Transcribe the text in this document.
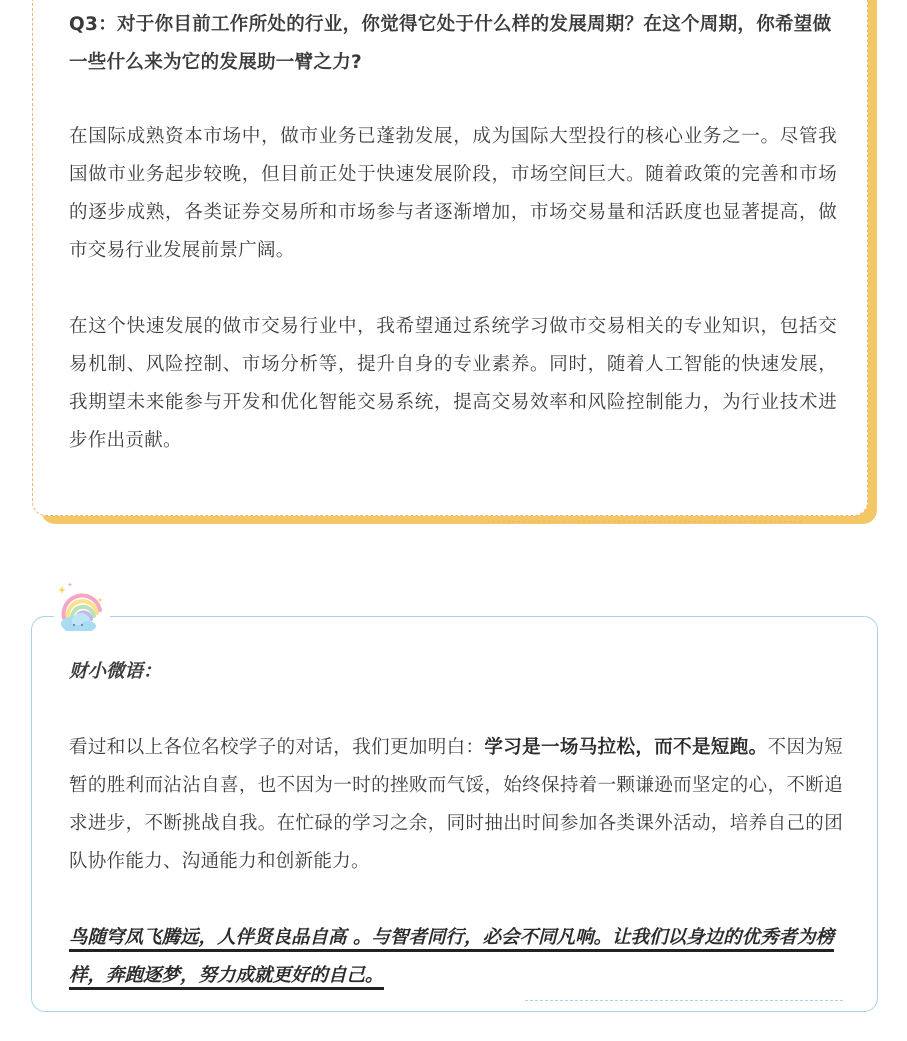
Q3：对于你目前工作所处的行业，你觉得它处于什么样的发展周期？在这个周期，你希望做一些什么来为它的发展助一臂之力?

在国际成熟资本市场中，做市业务已蓬勃发展，成为国际大型投行的核心业务之一。尽管我国做市业务起步较晚，但目前正处于快速发展阶段，市场空间巨大。随着政策的完善和市场的逐步成熟，各类证券交易所和市场参与者逐渐增加，市场交易量和活跃度也显著提高，做市交易行业发展前景广阔。

在这个快速发展的做市交易行业中，我希望通过系统学习做市交易相关的专业知识，包括交易机制、风险控制、市场分析等，提升自身的专业素养。同时，随着人工智能的快速发展，我期望未来能参与开发和优化智能交易系统，提高交易效率和风险控制能力，为行业技术进步作出贡献。

财小微语：

看过和以上各位名校学子的对话，我们更加明白：学习是一场马拉松，而不是短跑。不因为短暂的胜利而沾沾自喜，也不因为一时的挫败而气馁，始终保持着一颗谦逊而坚定的心，不断追求进步，不断挑战自我。在忙碌的学习之余，同时抽出时间参加各类课外活动，培养自己的团队协作能力、沟通能力和创新能力。

鸟随穹凤飞腾远，人伴贤良品自高 。与智者同行，必会不同凡响。让我们以身边的优秀者为榜样，奔跑逐梦，努力成就更好的自己。
